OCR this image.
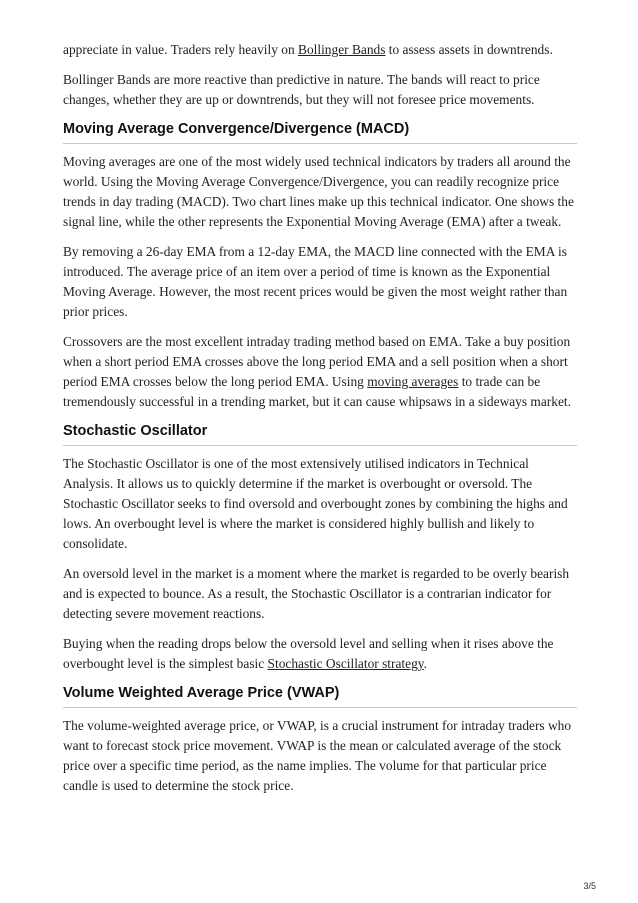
appreciate in value. Traders rely heavily on Bollinger Bands to assess assets in downtrends.

Bollinger Bands are more reactive than predictive in nature. The bands will react to price changes, whether they are up or downtrends, but they will not foresee price movements.

Moving Average Convergence/Divergence (MACD)

Moving averages are one of the most widely used technical indicators by traders all around the world. Using the Moving Average Convergence/Divergence, you can readily recognize price trends in day trading (MACD). Two chart lines make up this technical indicator. One shows the signal line, while the other represents the Exponential Moving Average (EMA) after a tweak.

By removing a 26-day EMA from a 12-day EMA, the MACD line connected with the EMA is introduced. The average price of an item over a period of time is known as the Exponential Moving Average. However, the most recent prices would be given the most weight rather than prior prices.

Crossovers are the most excellent intraday trading method based on EMA. Take a buy position when a short period EMA crosses above the long period EMA and a sell position when a short period EMA crosses below the long period EMA. Using moving averages to trade can be tremendously successful in a trending market, but it can cause whipsaws in a sideways market.

Stochastic Oscillator

The Stochastic Oscillator is one of the most extensively utilised indicators in Technical Analysis. It allows us to quickly determine if the market is overbought or oversold. The Stochastic Oscillator seeks to find oversold and overbought zones by combining the highs and lows. An overbought level is where the market is considered highly bullish and likely to consolidate.

An oversold level in the market is a moment where the market is regarded to be overly bearish and is expected to bounce. As a result, the Stochastic Oscillator is a contrarian indicator for detecting severe movement reactions.

Buying when the reading drops below the oversold level and selling when it rises above the overbought level is the simplest basic Stochastic Oscillator strategy.

Volume Weighted Average Price (VWAP)

The volume-weighted average price, or VWAP, is a crucial instrument for intraday traders who want to forecast stock price movement. VWAP is the mean or calculated average of the stock price over a specific time period, as the name implies. The volume for that particular price candle is used to determine the stock price.

3/5
